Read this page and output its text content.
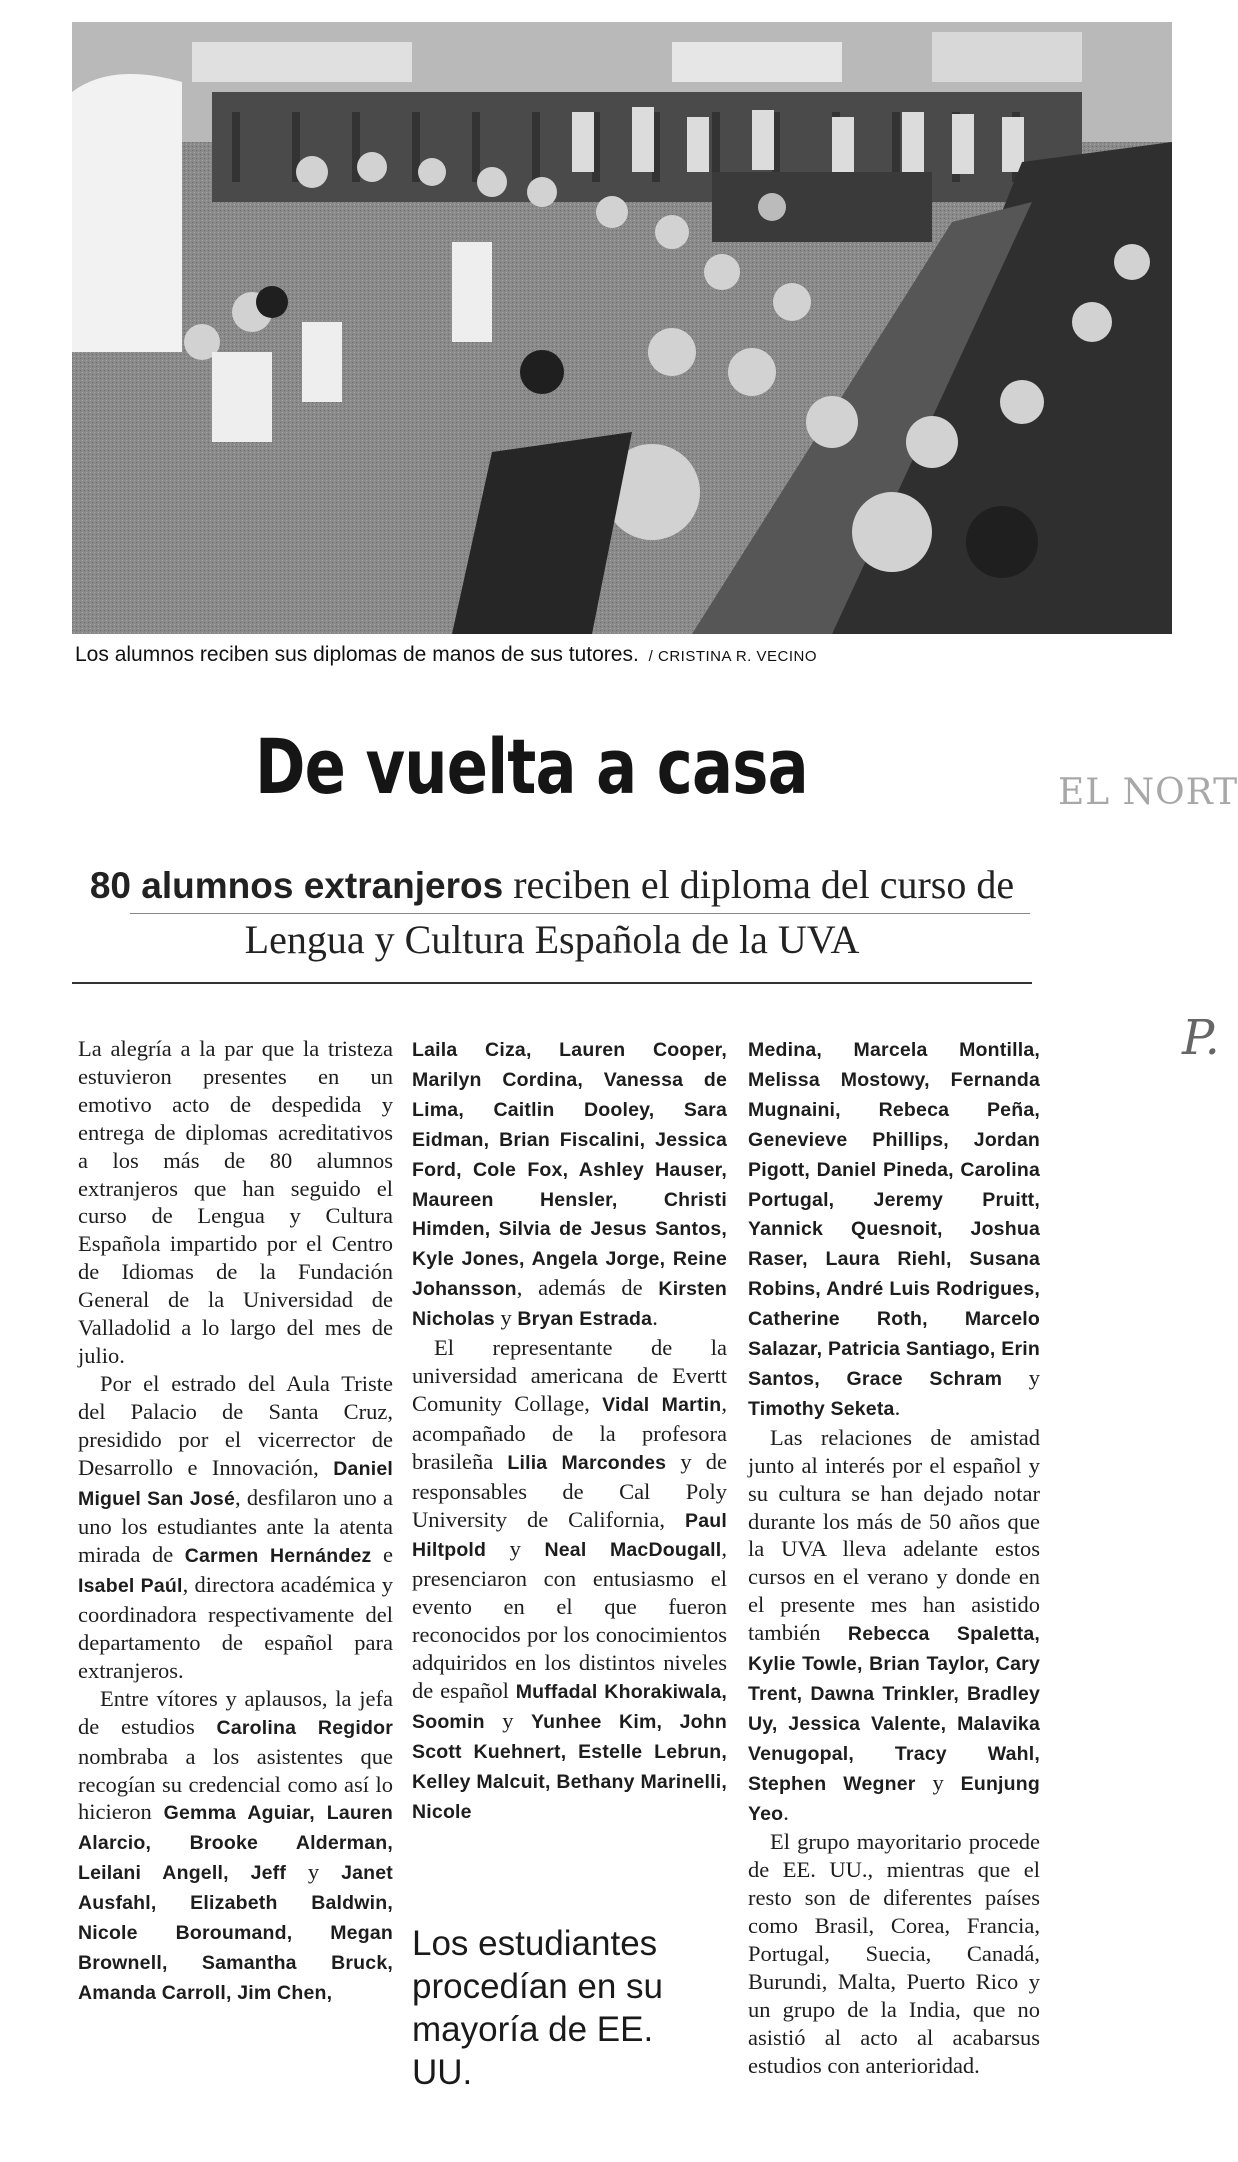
Los alumnos reciben sus diplomas de manos de sus tutores. / CRISTINA R. VECINO
De vuelta a casa	EL NORT
80 alumnos extranjeros reciben el diploma del curso de Lengua y Cultura Española de la UVA
P.

La alegría a la par que la tristeza estuvieron presentes en un emotivo acto de despedida y entrega de diplomas acreditativos a los más de 80 alumnos extranjeros que han seguido el curso de Lengua y Cultura Española impartido por el Centro de Idiomas de la Fundación General de la Universidad de Valladolid a lo largo del mes de julio.

Por el estrado del Aula Triste del Palacio de Santa Cruz, presidido por el vicerrector de Desarrollo e Innovación, Daniel Miguel San José, desfilaron uno a uno los estudiantes ante la atenta mirada de Carmen Hernández e Isabel Paúl, directora académica y coordinadora respectivamente del departamento de español para extranjeros.

Entre vítores y aplausos, la jefa de estudios Carolina Regidor nombraba a los asistentes que recogían su credencial como así lo hicieron Gemma Aguiar, Lauren Alarcio, Brooke Alderman, Leilani Angell, Jeff y Janet Ausfahl, Elizabeth Baldwin, Nicole Boroumand, Megan Brownell, Samantha Bruck, Amanda Carroll, Jim Chen,

Laila Ciza, Lauren Cooper, Marilyn Cordina, Vanessa de Lima, Caitlin Dooley, Sara Eidman, Brian Fiscalini, Jessica Ford, Cole Fox, Ashley Hauser, Maureen Hensler, Christi Himden, Silvia de Jesus Santos, Kyle Jones, Angela Jorge, Reine Johansson, además de Kirsten Nicholas y Bryan Estrada.

El representante de la universidad americana de Evertt Comunity Collage, Vidal Martin, acompañado de la profesora brasileña Lilia Marcondes y de responsables de Cal Poly University de California, Paul Hiltpold y Neal MacDougall, presenciaron con entusiasmo el evento en el que fueron reconocidos por los conocimientos adquiridos en los distintos niveles de español Muffadal Khorakiwala, Soomin y Yunhee Kim, John Scott Kuehnert, Estelle Lebrun, Kelley Malcuit, Bethany Marinelli, Nicole

Medina, Marcela Montilla, Melissa Mostowy, Fernanda Mugnaini, Rebeca Peña, Genevieve Phillips, Jordan Pigott, Daniel Pineda, Carolina Portugal, Jeremy Pruitt, Yannick Quesnoit, Joshua Raser, Laura Riehl, Susana Robins, André Luis Rodrigues, Catherine Roth, Marcelo Salazar, Patricia Santiago, Erin Santos, Grace Schram y Timothy Seketa.

Las relaciones de amistad junto al interés por el español y su cultura se han dejado notar durante los más de 50 años que la UVA lleva adelante estos cursos en el verano y donde en el presente mes han asistido también Rebecca Spaletta, Kylie Towle, Brian Taylor, Cary Trent, Dawna Trinkler, Bradley Uy, Jessica Valente, Malavika Venugopal, Tracy Wahl, Stephen Wegner y Eunjung Yeo.

El grupo mayoritario procede de EE. UU., mientras que el resto son de diferentes países como Brasil, Corea, Francia, Portugal, Suecia, Canadá, Burundi, Malta, Puerto Rico y un grupo de la India, que no asistió al acto al acabarsus estudios con anterioridad.

Los estudiantes procedían en su mayoría de EE. UU.
